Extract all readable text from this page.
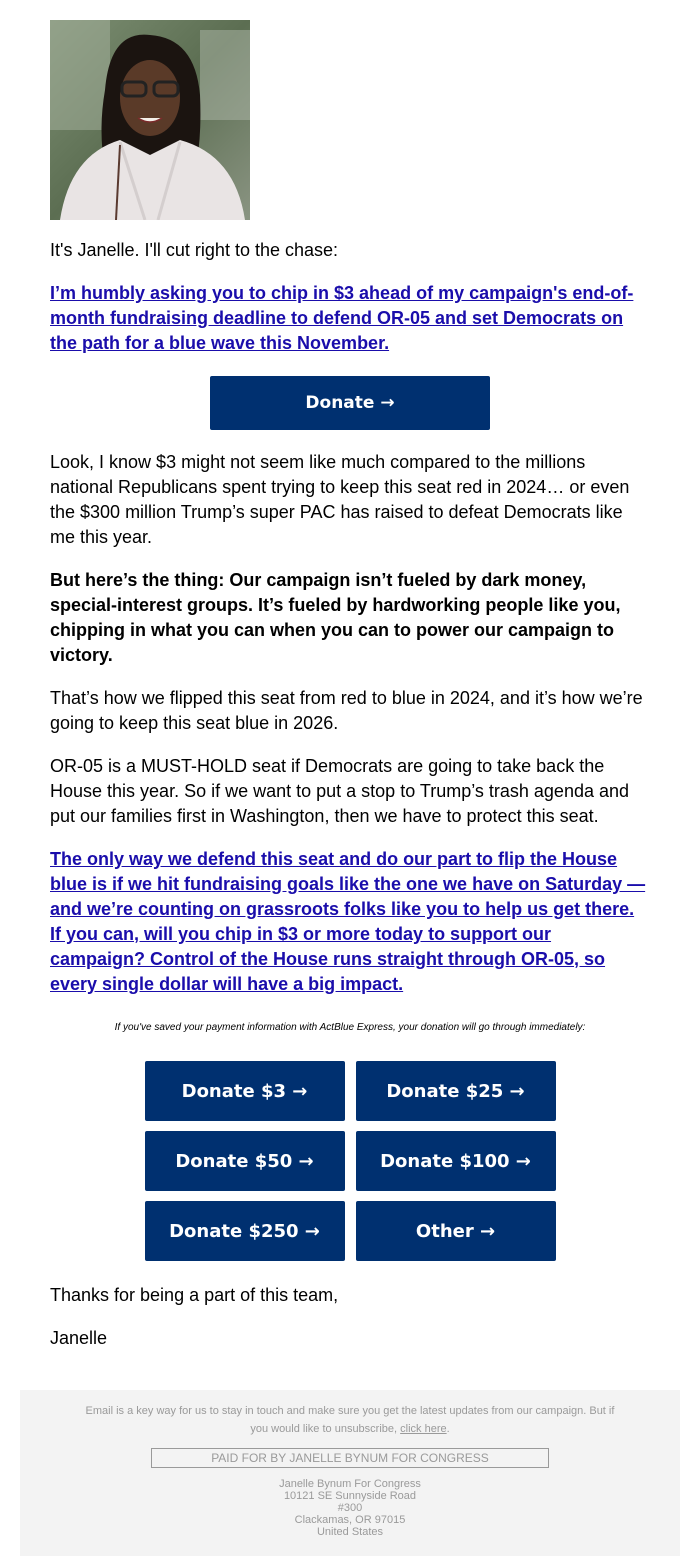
It's Janelle. I'll cut right to the chase:

I’m humbly asking you to chip in $3 ahead of my campaign's end-of-month fundraising deadline to defend OR-05 and set Democrats on the path for a blue wave this November.
Donate →

Look, I know $3 might not seem like much compared to the millions national Republicans spent trying to keep this seat red in 2024… or even the $300 million Trump’s super PAC has raised to defeat Democrats like me this year.

But here’s the thing: Our campaign isn’t fueled by dark money, special-interest groups. It’s fueled by hardworking people like you, chipping in what you can when you can to power our campaign to victory.

That’s how we flipped this seat from red to blue in 2024, and it’s how we’re going to keep this seat blue in 2026.

OR-05 is a MUST-HOLD seat if Democrats are going to take back the House this year. So if we want to put a stop to Trump’s trash agenda and put our families first in Washington, then we have to protect this seat.

The only way we defend this seat and do our part to flip the House blue is if we hit fundraising goals like the one we have on Saturday — and we’re counting on grassroots folks like you to help us get there. If you can, will you chip in $3 or more today to support our campaign? Control of the House runs straight through OR-05, so every single dollar will have a big impact.
If you've saved your payment information with ActBlue Express, your donation will go through immediately:
Donate $3 →	Donate $25 →
Donate $50 →	Donate $100 →
Donate $250 →	Other →

Thanks for being a part of this team,

Janelle

Email is a key way for us to stay in touch and make sure you get the latest updates from our campaign. But if you would like to unsubscribe, click here.
PAID FOR BY JANELLE BYNUM FOR CONGRESS
Janelle Bynum For Congress
10121 SE Sunnyside Road
#300
Clackamas, OR 97015
United States
